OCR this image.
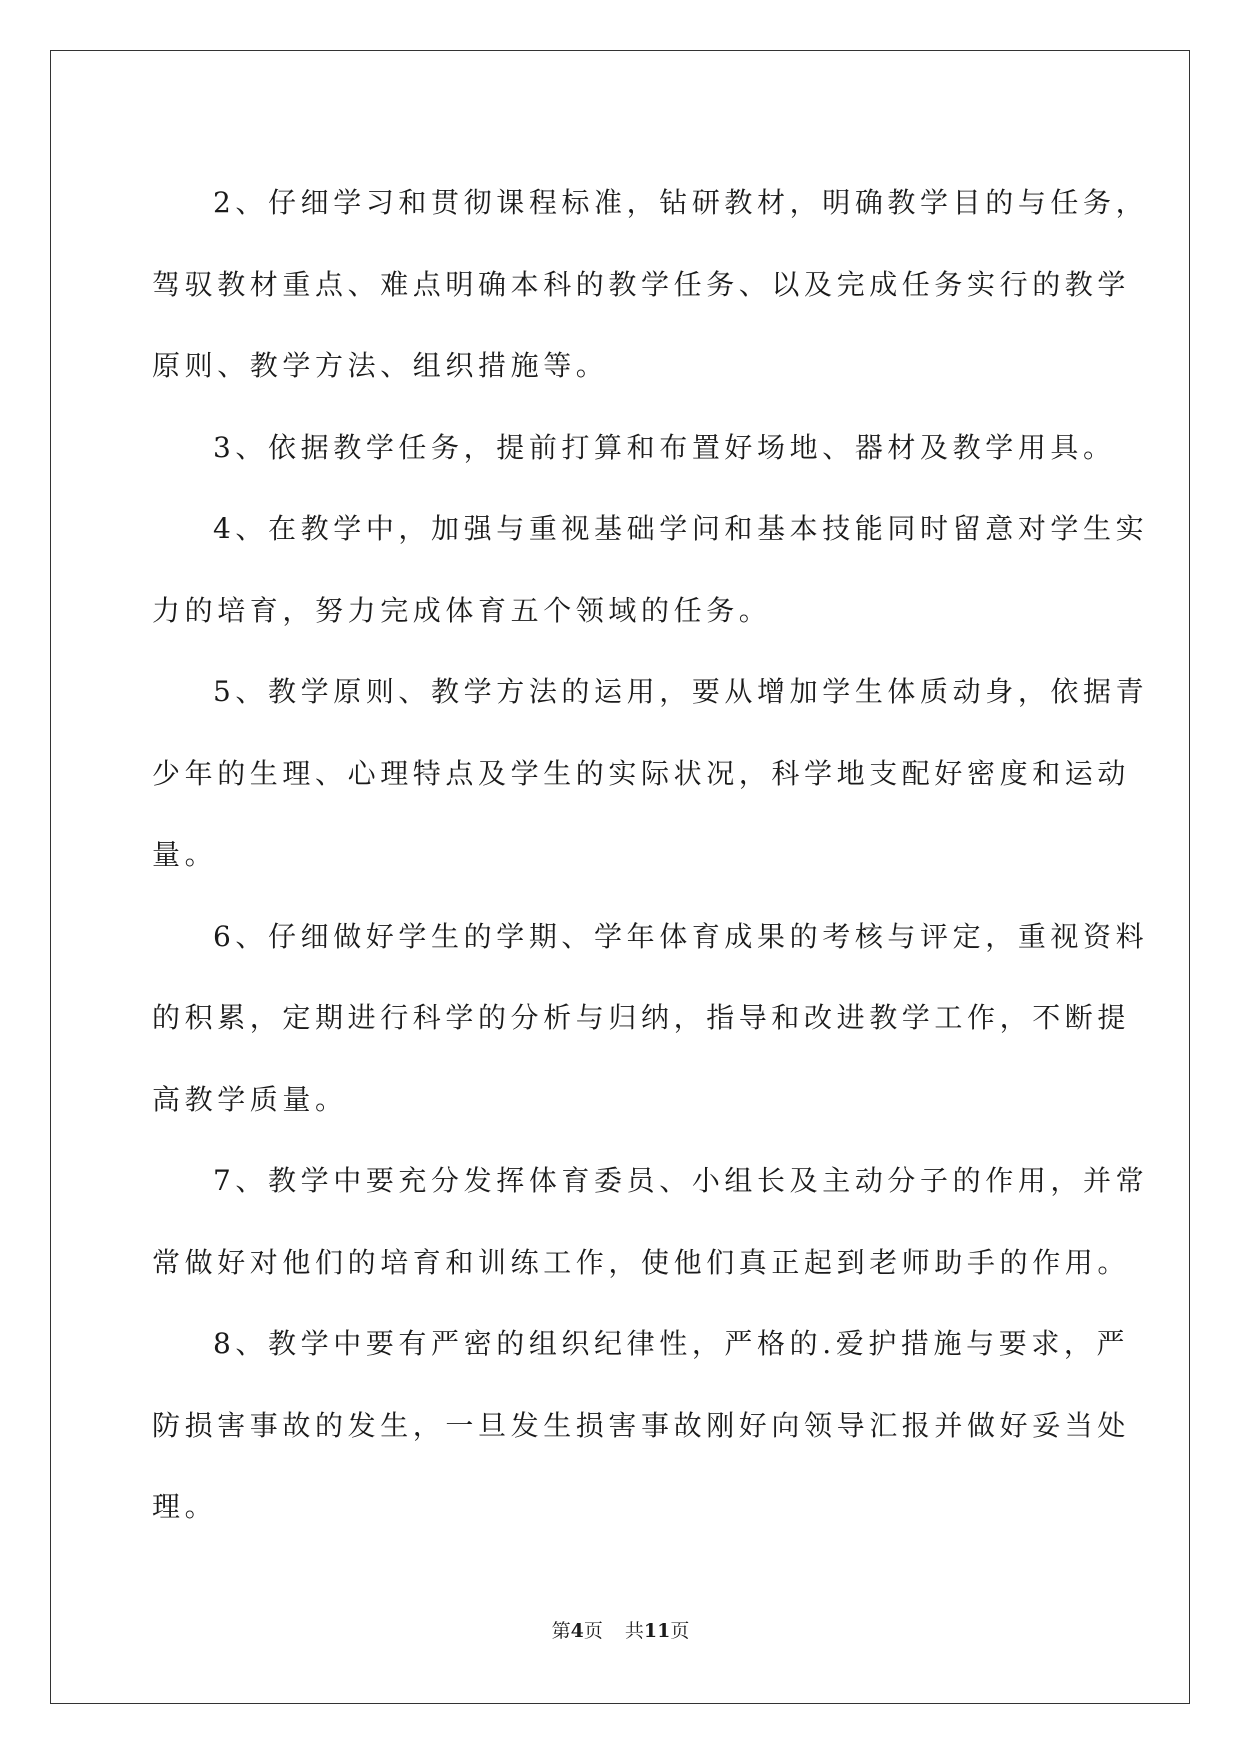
2、仔细学习和贯彻课程标准，钻研教材，明确教学目的与任务，
驾驭教材重点、难点明确本科的教学任务、以及完成任务实行的教学
原则、教学方法、组织措施等。

3、依据教学任务，提前打算和布置好场地、器材及教学用具。

4、在教学中，加强与重视基础学问和基本技能同时留意对学生实
力的培育，努力完成体育五个领域的任务。

5、教学原则、教学方法的运用，要从增加学生体质动身，依据青
少年的生理、心理特点及学生的实际状况，科学地支配好密度和运动
量。

6、仔细做好学生的学期、学年体育成果的考核与评定，重视资料
的积累，定期进行科学的分析与归纳，指导和改进教学工作，不断提
高教学质量。

7、教学中要充分发挥体育委员、小组长及主动分子的作用，并常
常做好对他们的培育和训练工作，使他们真正起到老师助手的作用。

8、教学中要有严密的组织纪律性，严格的.爱护措施与要求，严
防损害事故的发生，一旦发生损害事故刚好向领导汇报并做好妥当处
理。

第4页 共11页
